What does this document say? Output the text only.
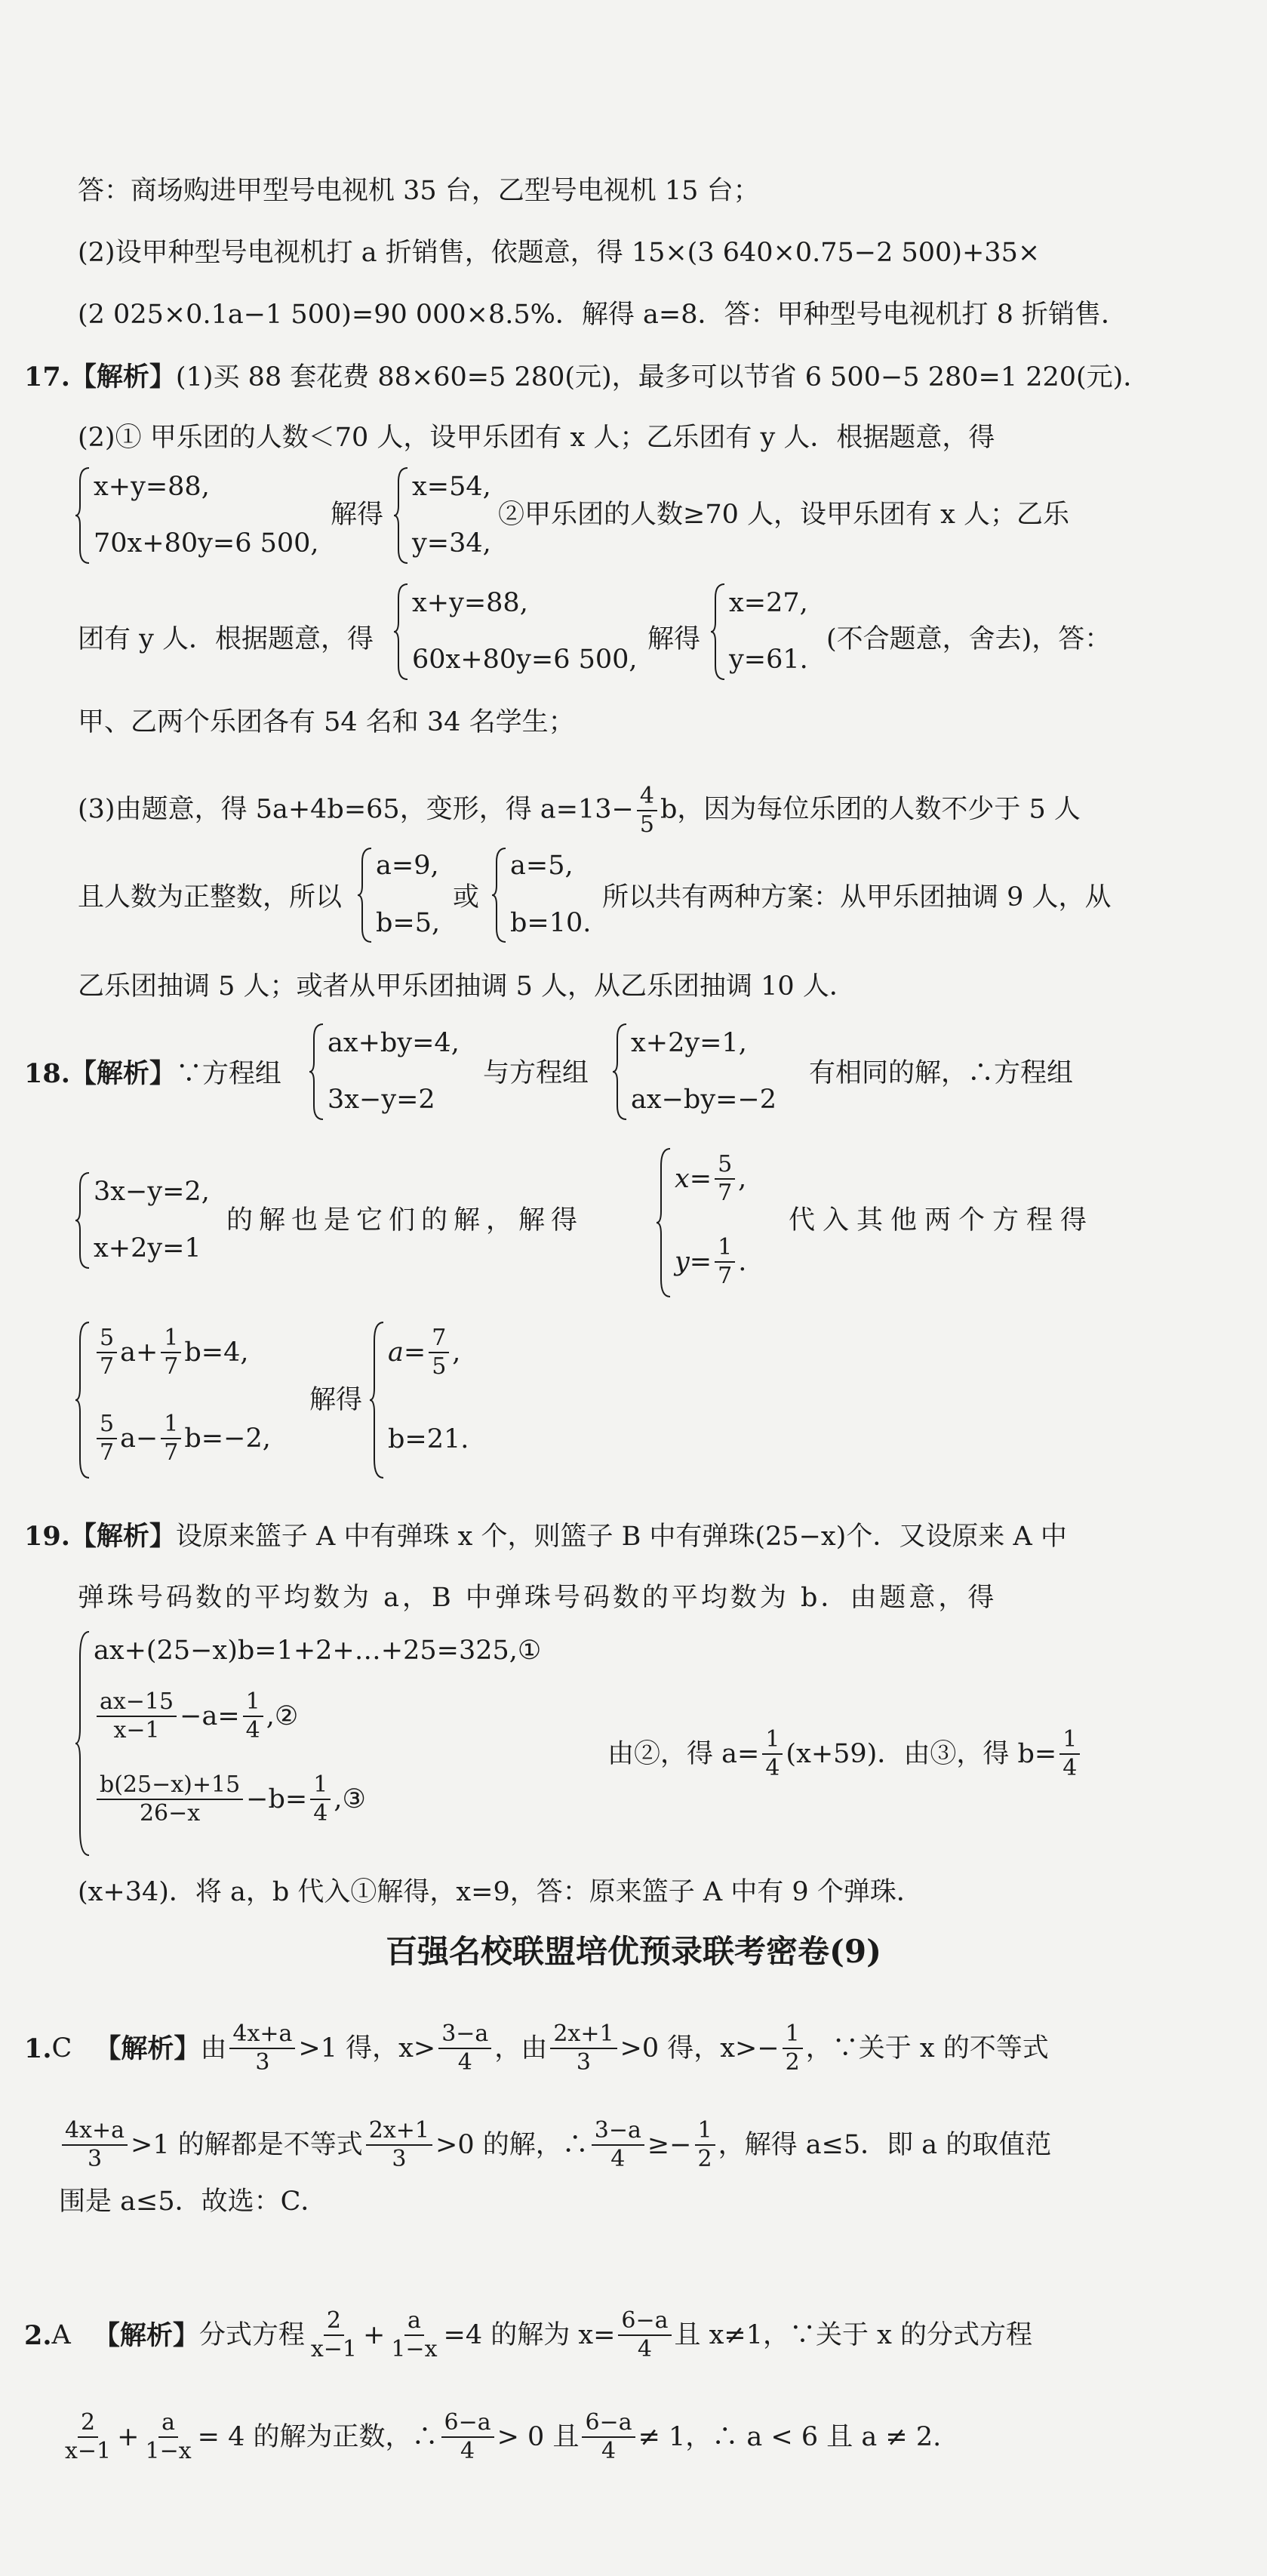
答：商场购进甲型号电视机 35 台，乙型号电视机 15 台；
(2)设甲种型号电视机打 a 折销售，依题意，得 15×(3 640×0.75−2 500)+35×
(2 025×0.1a−1 500)=90 000×8.5%．解得 a=8．答：甲种型号电视机打 8 折销售．
17.【解析】(1)买 88 套花费 88×60=5 280(元)，最多可以节省 6 500−5 280=1 220(元)．
(2)① 甲乐团的人数＜70 人，设甲乐团有 x 人；乙乐团有 y 人．根据题意，得
x+y=88,
70x+80y=6 500,
解得
x=54,
y=34,
②甲乐团的人数≥70 人，设甲乐团有 x 人；乙乐
团有 y 人．根据题意，得
x+y=88,
60x+80y=6 500,
解得
x=27,
y=61.
(不合题意，舍去)，答：
甲、乙两个乐团各有 54 名和 34 名学生；
(3)由题意，得 5a+4b=65，变形，得 $a=13- \frac{4}{5}$ b，因为每位乐团的人数不少于 5 人
且人数为正整数，所以
a=9,
b=5,
或
a=5,
b=10.
所以共有两种方案：从甲乐团抽调 9 人，从
乙乐团抽调 5 人；或者从甲乐团抽调 5 人，从乙乐团抽调 10 人．
18.【解析】∵方程组
ax+by=4,
3x−y=2
与方程组
x+2y=1,
ax−by=−2
有相同的解，∴方程组
3x−y=2,
x+2y=1
的解也是它们的解，解得
$x= \frac{5}{7}$ ,
$y= \frac{1}{7}$ .
代入其他两个方程得
$\frac{5}{7} a+ \frac{1}{7} b=4$,
$\frac{5}{7} a- \frac{1}{7} b=-2$,
解得
$a= \frac{7}{5}$ ,
b=21.
19.【解析】设原来篮子 A 中有弹珠 x 个，则篮子 B 中有弹珠(25−x)个．又设原来 A 中
弹珠号码数的平均数为 a，B 中弹珠号码数的平均数为 b．由题意，得
ax+(25−x)b=1+2+…+25=325,①
$\frac{ax-15}{x-1} -a= \frac{1}{4}$ ,②
$\frac{b(25-x)+15}{26-x} -b= \frac{1}{4}$ ,③
由②，得 $a= \frac{1}{4} (x+59)$．由③，得 $b= \frac{1}{4}$
(x+34)．将 a，b 代入①解得，x=9，答：原来篮子 A 中有 9 个弹珠．
百强名校联盟培优预录联考密卷(9)
1. C 【解析】 由 $\frac{4x+a}{3} >1$ 得，$x> \frac{3-a}{4}$ ，由 $\frac{2x+1}{3} >0$ 得，$x>- \frac{1}{2}$ ，∵关于 x 的不等式
$\frac{4x+a}{3} >1$ 的解都是不等式 $\frac{2x+1}{3} >0$ 的解，∴ $\frac{3-a}{4} \ge- \frac{1}{2}$ ，解得 a≤5．即 a 的取值范
围是 a≤5．故选：C．
2. A 【解析】 分式方程 $\frac{2}{x-1} + \frac{a}{1-x} =4$ 的解为 $x= \frac{6-a}{4}$ 且 x≠1，∵关于 x 的分式方程
$\frac{2}{x-1} + \frac{a}{1-x} = 4$ 的解为正数，∴ $\frac{6-a}{4} > 0$ 且 $\frac{6-a}{4} \ne 1$，∴ a < 6 且 a ≠ 2.
